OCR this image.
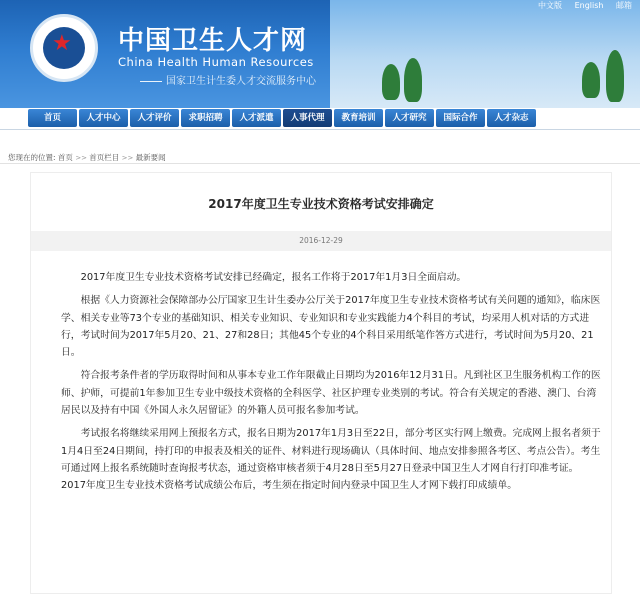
★ 中国卫生人才网
China Health Human Resources
国家卫生计生委人才交流服务中心
中文版 English 邮箱
首页	人才中心	人才评价	求职招聘	人才派遣	人事代理	教育培训	人才研究	国际合作	人才杂志
您现在的位置: 首页 >> 首页栏目 >> 最新要闻
2017年度卫生专业技术资格考试安排确定
2016-12-29

2017年度卫生专业技术资格考试安排已经确定，报名工作将于2017年1月3日全面启动。

根据《人力资源社会保障部办公厅国家卫生计生委办公厅关于2017年度卫生专业技术资格考试有关问题的通知》，临床医学、相关专业等73个专业的基础知识、相关专业知识、专业知识和专业实践能力4个科目的考试，均采用人机对话的方式进行，考试时间为2017年5月20、21、27和28日；其他45个专业的4个科目采用纸笔作答方式进行，考试时间为5月20、21日。

符合报考条件者的学历取得时间和从事本专业工作年限截止日期均为2016年12月31日。凡到社区卫生服务机构工作的医师、护师，可提前1年参加卫生专业中级技术资格的全科医学、社区护理专业类别的考试。符合有关规定的香港、澳门、台湾居民以及持有中国《外国人永久居留证》的外籍人员可报名参加考试。

考试报名将继续采用网上预报名方式，报名日期为2017年1月3日至22日，部分考区实行网上缴费。完成网上报名者须于1月4日至24日期间，持打印的申报表及相关的证件、材料进行现场确认（具体时间、地点安排参照各考区、考点公告）。考生可通过网上报名系统随时查询报考状态，通过资格审核者须于4月28日至5月27日登录中国卫生人才网自行打印准考证。2017年度卫生专业技术资格考试成绩公布后，考生须在指定时间内登录中国卫生人才网下载打印成绩单。
